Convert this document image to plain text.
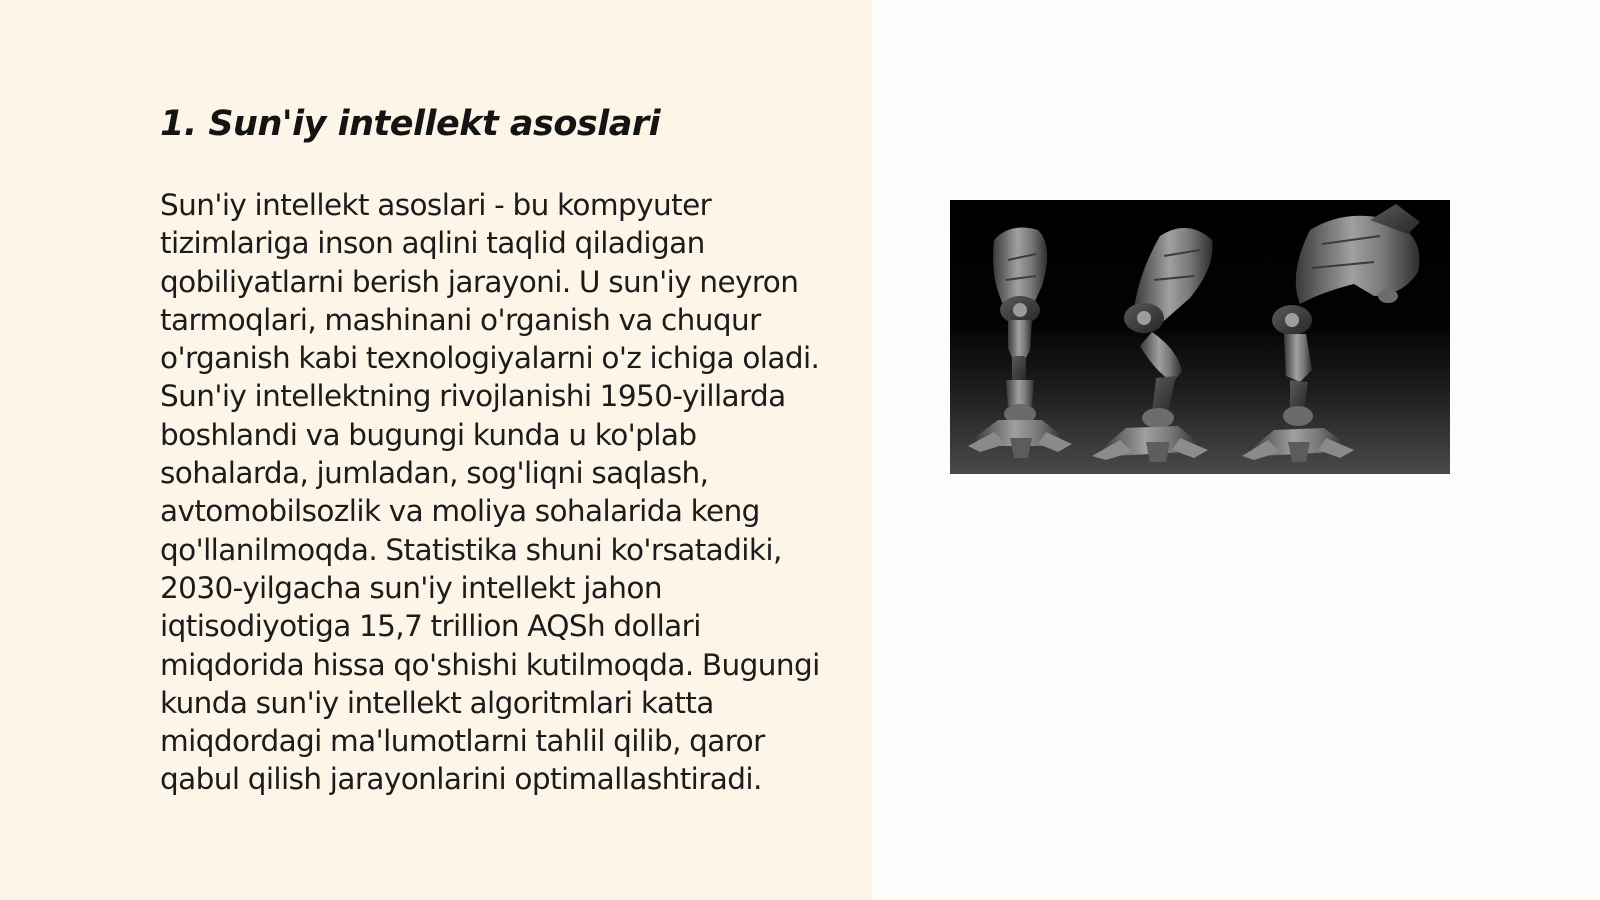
1. Sun'iy intellekt asoslari

Sun'iy intellekt asoslari - bu kompyuter tizimlariga inson aqlini taqlid qiladigan qobiliyatlarni berish jarayoni. U sun'iy neyron tarmoqlari, mashinani o'rganish va chuqur o'rganish kabi texnologiyalarni o'z ichiga oladi. Sun'iy intellektning rivojlanishi 1950-yillarda boshlandi va bugungi kunda u ko'plab sohalarda, jumladan, sog'liqni saqlash, avtomobilsozlik va moliya sohalarida keng qo'llanilmoqda. Statistika shuni ko'rsatadiki, 2030-yilgacha sun'iy intellekt jahon iqtisodiyotiga 15,7 trillion AQSh dollari miqdorida hissa qo'shishi kutilmoqda. Bugungi kunda sun'iy intellekt algoritmlari katta miqdordagi ma'lumotlarni tahlil qilib, qaror qabul qilish jarayonlarini optimallashtiradi.
